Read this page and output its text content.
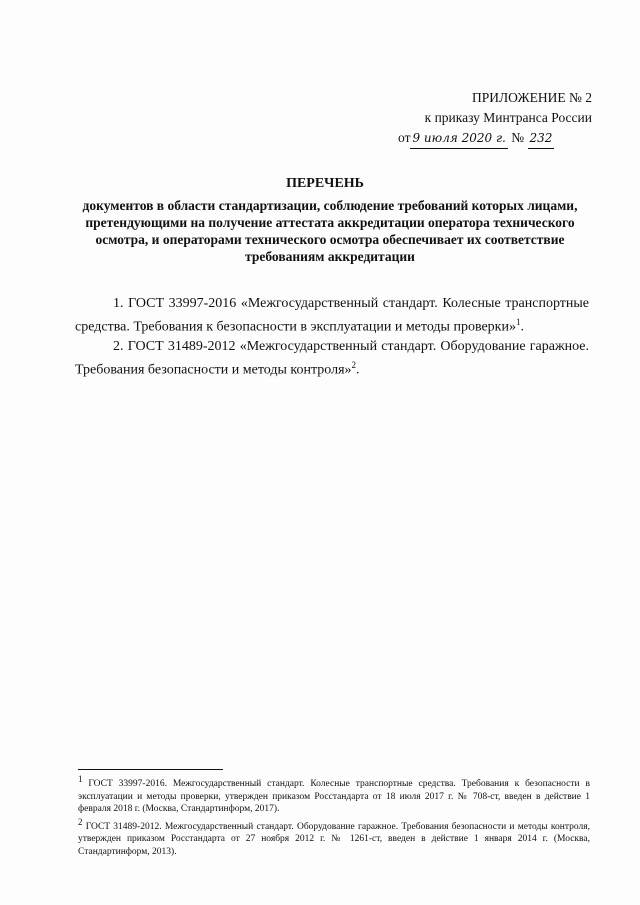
ПРИЛОЖЕНИЕ № 2
к приказу Минтранса России
от 9 июля 2020 г. № 232
ПЕРЕЧЕНЬ
документов в области стандартизации, соблюдение требований которых лицами, претендующими на получение аттестата аккредитации оператора технического осмотра, и операторами технического осмотра обеспечивает их соответствие требованиям аккредитации

1. ГОСТ 33997-2016 «Межгосударственный стандарт. Колесные транспортные средства. Требования к безопасности в эксплуатации и методы проверки»$^1$.

2. ГОСТ 31489-2012 «Межгосударственный стандарт. Оборудование гаражное. Требования безопасности и методы контроля»$^2$.

$^1$ ГОСТ 33997-2016. Межгосударственный стандарт. Колесные транспортные средства. Требования к безопасности в эксплуатации и методы проверки, утвержден приказом Росстандарта от 18 июля 2017 г. № 708-ст, введен в действие 1 февраля 2018 г. (Москва, Стандартинформ, 2017).

$^2$ ГОСТ 31489-2012. Межгосударственный стандарт. Оборудование гаражное. Требования безопасности и методы контроля, утвержден приказом Росстандарта от 27 ноября 2012 г. № 1261-ст, введен в действие 1 января 2014 г. (Москва, Стандартинформ, 2013).
